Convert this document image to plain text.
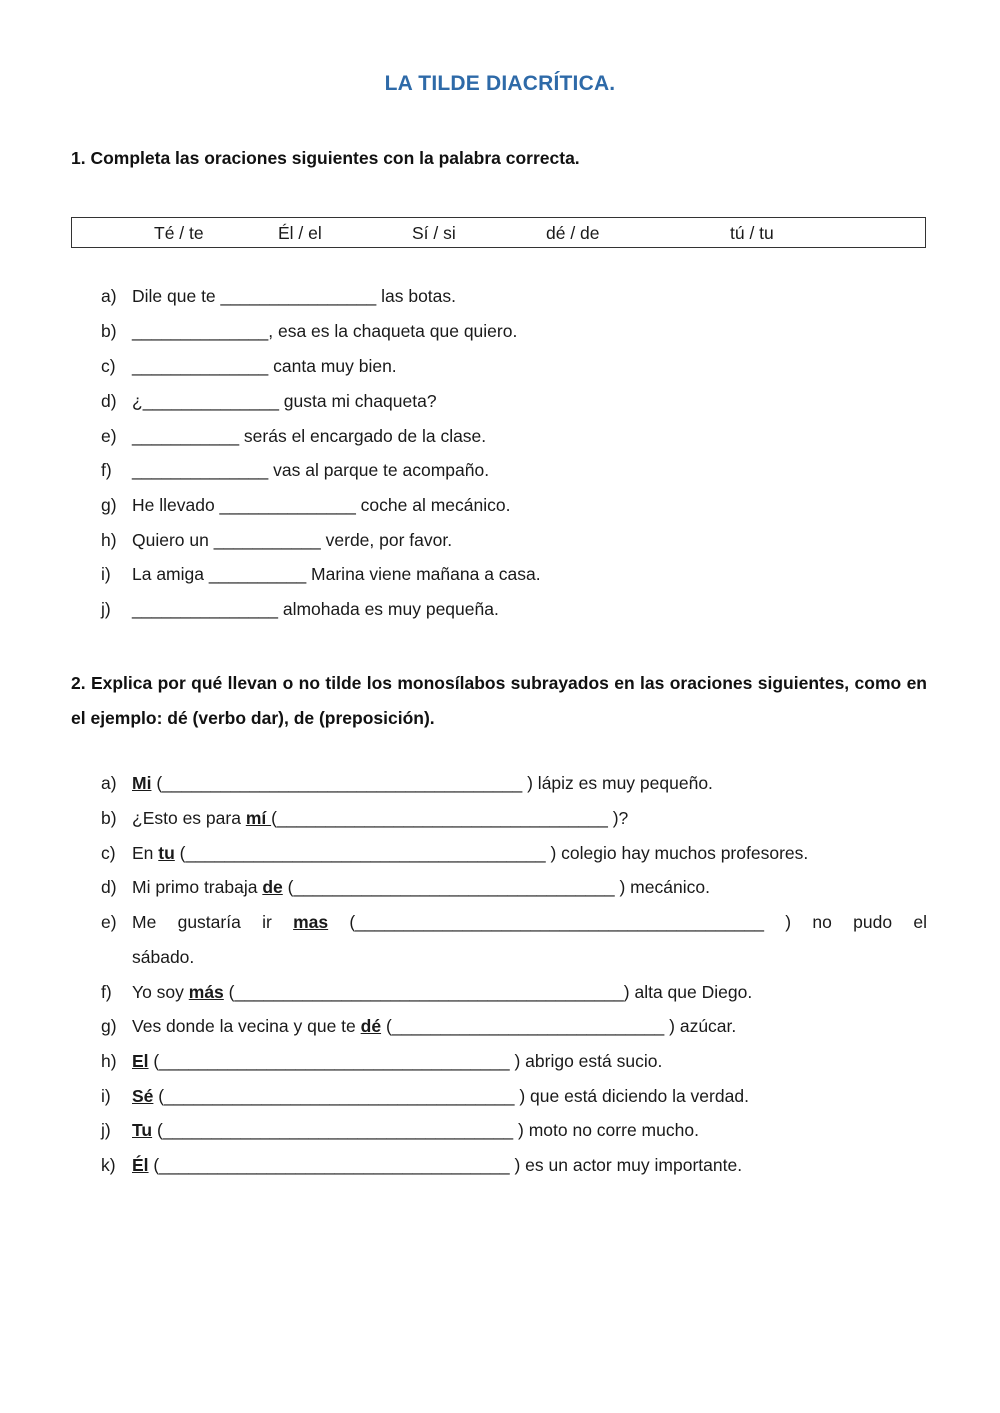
LA TILDE DIACRÍTICA.
1. Completa las oraciones siguientes con la palabra correcta.
Té / te	Él / el	Sí / si	dé / de	tú / tu
a) Dile que te ________________ las botas.
b) ______________, esa es la chaqueta que quiero.
c) ______________ canta muy bien.
d) ¿______________ gusta mi chaqueta?
e) ___________ serás el encargado de la clase.
f) ______________ vas al parque te acompaño.
g) He llevado ______________ coche al mecánico.
h) Quiero un ___________ verde, por favor.
i) La amiga __________ Marina viene mañana a casa.
j) _______________ almohada es muy pequeña.
2. Explica por qué llevan o no tilde los monosílabos subrayados en las oraciones siguientes, como en el ejemplo: dé (verbo dar), de (preposición).
a) Mi (_____________________________________ ) lápiz es muy pequeño.
b) ¿Esto es para mí (__________________________________ )?
c) En tu (_____________________________________ ) colegio hay muchos profesores.
d) Mi primo trabaja de (_________________________________ ) mecánico.
e) Me gustaría ir mas (__________________________________________ ) no pudo el
sábado.
f) Yo soy más (________________________________________) alta que Diego.
g) Ves donde la vecina y que te dé (____________________________ ) azúcar.
h) El (____________________________________ ) abrigo está sucio.
i) Sé (____________________________________ ) que está diciendo la verdad.
j) Tu (____________________________________ ) moto no corre mucho.
k) Él (____________________________________ ) es un actor muy importante.
